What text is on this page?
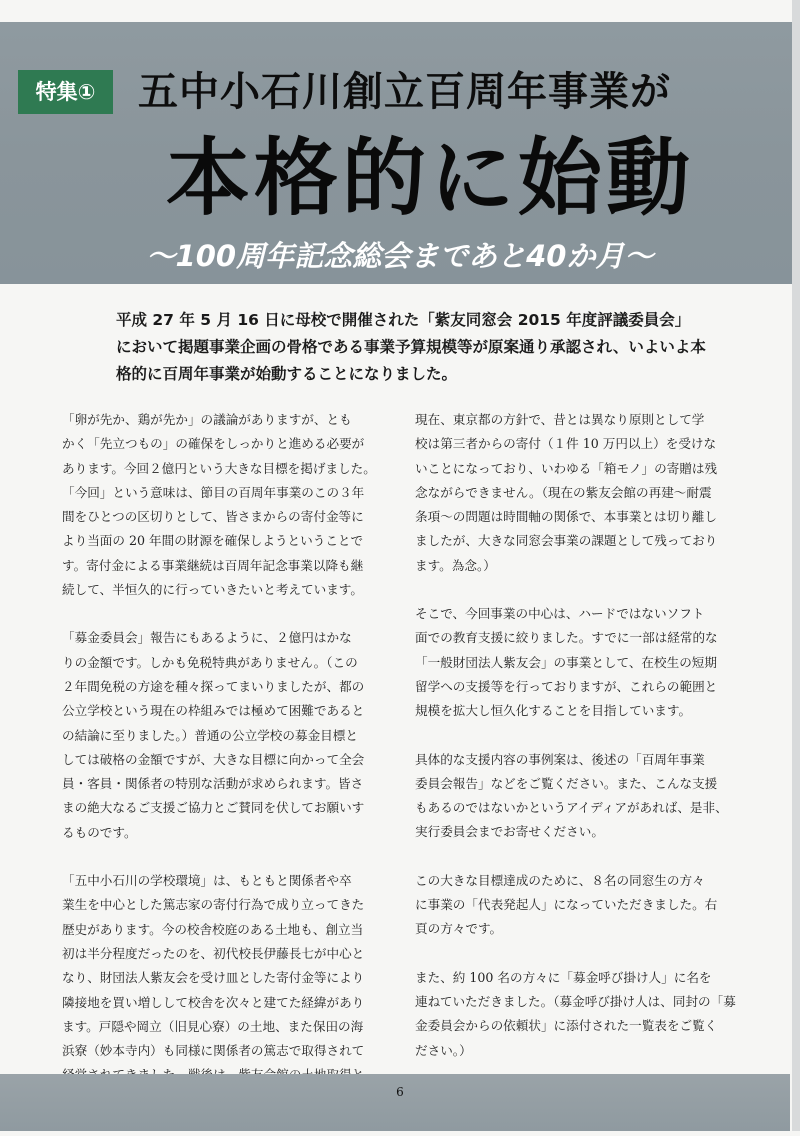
特集①	五中小石川創立百周年事業が
本格的に始動
～100周年記念総会まであと40か月～

平成 27 年 5 月 16 日に母校で開催された「紫友同窓会 2015 年度評議委員会」

において掲題事業企画の骨格である事業予算規模等が原案通り承認され、いよいよ本

格的に百周年事業が始動することになりました。

「卵が先か、鶏が先か」の議論がありますが、とも
かく「先立つもの」の確保をしっかりと進める必要が
あります。今回２億円という大きな目標を掲げました。
「今回」という意味は、節目の百周年事業のこの３年
間をひとつの区切りとして、皆さまからの寄付金等に
より当面の 20 年間の財源を確保しようということで
す。寄付金による事業継続は百周年記念事業以降も継
続して、半恒久的に行っていきたいと考えています。

「募金委員会」報告にもあるように、２億円はかな
りの金額です。しかも免税特典がありません。（この
２年間免税の方途を種々探ってまいりましたが、都の
公立学校という現在の枠組みでは極めて困難であると
の結論に至りました。）普通の公立学校の募金目標と
しては破格の金額ですが、大きな目標に向かって全会
員・客員・関係者の特別な活動が求められます。皆さ
まの絶大なるご支援ご協力とご賛同を伏してお願いす
るものです。

「五中小石川の学校環境」は、もともと関係者や卒
業生を中心とした篤志家の寄付行為で成り立ってきた
歴史があります。今の校舎校庭のある土地も、創立当
初は半分程度だったのを、初代校長伊藤長七が中心と
なり、財団法人紫友会を受け皿とした寄付金等により
隣接地を買い増しして校舎を次々と建てた経緯があり
ます。戸隠や岡立（旧見心寮）の土地、また保田の海
浜寮（妙本寺内）も同様に関係者の篤志で取得されて

現在、東京都の方針で、昔とは異なり原則として学
校は第三者からの寄付（１件 10 万円以上）を受けな
いことになっており、いわゆる「箱モノ」の寄贈は残
念ながらできません。（現在の紫友会館の再建～耐震
条項～の問題は時間軸の関係で、本事業とは切り離し
ましたが、大きな同窓会事業の課題として残っており
ます。為念。）

そこで、今回事業の中心は、ハードではないソフト
面での教育支援に絞りました。すでに一部は経常的な
「一般財団法人紫友会」の事業として、在校生の短期
留学への支援等を行っておりますが、これらの範囲と
規模を拡大し恒久化することを目指しています。

具体的な支援内容の事例案は、後述の「百周年事業
委員会報告」などをご覧ください。また、こんな支援
もあるのではないかというアイディアがあれば、是非、
実行委員会までお寄せください。

この大きな目標達成のために、８名の同窓生の方々
に事業の「代表発起人」になっていただきました。右
頁の方々です。

また、約 100 名の方々に「募金呼び掛け人」に名を
連ねていただきました。（募金呼び掛け人は、同封の「募
金委員会からの依頼状」に添付された一覧表をご覧く
ださい。）

6
